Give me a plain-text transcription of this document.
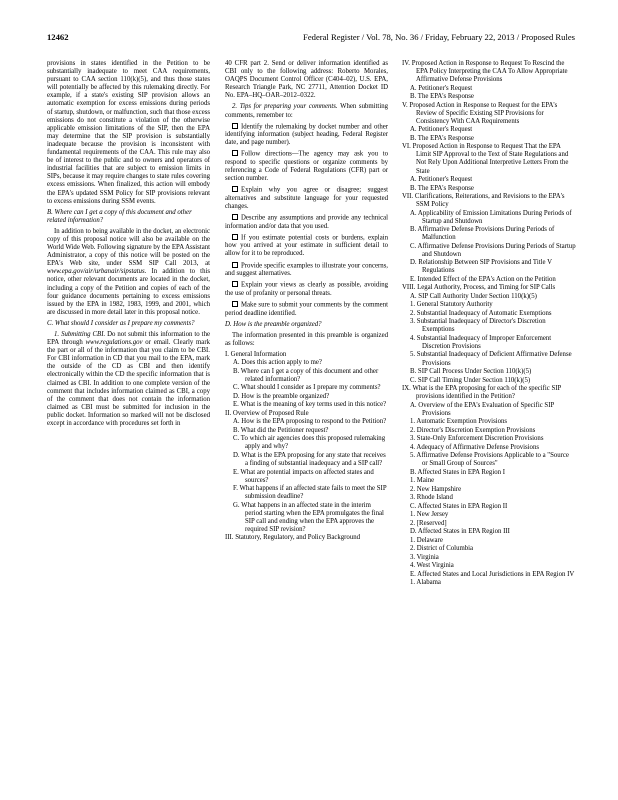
12462	Federal Register / Vol. 78, No. 36 / Friday, February 22, 2013 / Proposed Rules

provisions in states identified in the Petition to be substantially inadequate to meet CAA requirements, pursuant to CAA section 110(k)(5), and thus those states will potentially be affected by this rulemaking directly. For example, if a state's existing SIP provision allows an automatic exemption for excess emissions during periods of startup, shutdown, or malfunction, such that those excess emissions do not constitute a violation of the otherwise applicable emission limitations of the SIP, then the EPA may determine that the SIP provision is substantially inadequate because the provision is inconsistent with fundamental requirements of the CAA. This rule may also be of interest to the public and to owners and operators of industrial facilities that are subject to emission limits in SIPs, because it may require changes to state rules covering excess emissions. When finalized, this action will embody the EPA's updated SSM Policy for SIP provisions relevant to excess emissions during SSM events.

B. Where can I get a copy of this document and other related information?

In addition to being available in the docket, an electronic copy of this proposal notice will also be available on the World Wide Web. Following signature by the EPA Assistant Administrator, a copy of this notice will be posted on the EPA's Web site, under SSM SIP Call 2013, at www.epa.gov/air/urbanair/sipstatus. In addition to this notice, other relevant documents are located in the docket, including a copy of the Petition and copies of each of the four guidance documents pertaining to excess emissions issued by the EPA in 1982, 1983, 1999, and 2001, which are discussed in more detail later in this proposal notice.

C. What should I consider as I prepare my comments?

1. Submitting CBI. Do not submit this information to the EPA through www.regulations.gov or email. Clearly mark the part or all of the information that you claim to be CBI. For CBI information in CD that you mail to the EPA, mark the outside of the CD as CBI and then identify electronically within the CD the specific information that is claimed as CBI. In addition to one complete version of the comment that includes information claimed as CBI, a copy of the comment that does not contain the information claimed as CBI must be submitted for inclusion in the public docket. Information so marked will not be disclosed except in accordance with procedures set forth in

40 CFR part 2. Send or deliver information identified as CBI only to the following address: Roberto Morales, OAQPS Document Control Officer (C404–02), U.S. EPA, Research Triangle Park, NC 27711, Attention Docket ID No. EPA–HQ–OAR–2012–0322.

2. Tips for preparing your comments. When submitting comments, remember to:

Identify the rulemaking by docket number and other identifying information (subject heading, Federal Register date, and page number).

Follow directions—The agency may ask you to respond to specific questions or organize comments by referencing a Code of Federal Regulations (CFR) part or section number.

Explain why you agree or disagree; suggest alternatives and substitute language for your requested changes.

Describe any assumptions and provide any technical information and/or data that you used.

If you estimate potential costs or burdens, explain how you arrived at your estimate in sufficient detail to allow for it to be reproduced.

Provide specific examples to illustrate your concerns, and suggest alternatives.

Explain your views as clearly as possible, avoiding the use of profanity or personal threats.

Make sure to submit your comments by the comment period deadline identified.

D. How is the preamble organized?

The information presented in this preamble is organized as follows:

I. General Information
A. Does this action apply to me?
B. Where can I get a copy of this document and other related information?
C. What should I consider as I prepare my comments?
D. How is the preamble organized?
E. What is the meaning of key terms used in this notice?
II. Overview of Proposed Rule
A. How is the EPA proposing to respond to the Petition?
B. What did the Petitioner request?
C. To which air agencies does this proposed rulemaking apply and why?
D. What is the EPA proposing for any state that receives a finding of substantial inadequacy and a SIP call?
E. What are potential impacts on affected states and sources?
F. What happens if an affected state fails to meet the SIP submission deadline?
G. What happens in an affected state in the interim period starting when the EPA promulgates the final SIP call and ending when the EPA approves the required SIP revision?
III. Statutory, Regulatory, and Policy Background
IV. Proposed Action in Response to Request To Rescind the EPA Policy Interpreting the CAA To Allow Appropriate Affirmative Defense Provisions
A. Petitioner's Request
B. The EPA's Response
V. Proposed Action in Response to Request for the EPA's Review of Specific Existing SIP Provisions for Consistency With CAA Requirements
A. Petitioner's Request
B. The EPA's Response
VI. Proposed Action in Response to Request That the EPA Limit SIP Approval to the Text of State Regulations and Not Rely Upon Additional Interpretive Letters From the State
A. Petitioner's Request
B. The EPA's Response
VII. Clarifications, Reiterations, and Revisions to the EPA's SSM Policy
A. Applicability of Emission Limitations During Periods of Startup and Shutdown
B. Affirmative Defense Provisions During Periods of Malfunction
C. Affirmative Defense Provisions During Periods of Startup and Shutdown
D. Relationship Between SIP Provisions and Title V Regulations
E. Intended Effect of the EPA's Action on the Petition
VIII. Legal Authority, Process, and Timing for SIP Calls
A. SIP Call Authority Under Section 110(k)(5)
1. General Statutory Authority
2. Substantial Inadequacy of Automatic Exemptions
3. Substantial Inadequacy of Director's Discretion Exemptions
4. Substantial Inadequacy of Improper Enforcement Discretion Provisions
5. Substantial Inadequacy of Deficient Affirmative Defense Provisions
B. SIP Call Process Under Section 110(k)(5)
C. SIP Call Timing Under Section 110(k)(5)
IX. What is the EPA proposing for each of the specific SIP provisions identified in the Petition?
A. Overview of the EPA's Evaluation of Specific SIP Provisions
1. Automatic Exemption Provisions
2. Director's Discretion Exemption Provisions
3. State-Only Enforcement Discretion Provisions
4. Adequacy of Affirmative Defense Provisions
5. Affirmative Defense Provisions Applicable to a "Source or Small Group of Sources"
B. Affected States in EPA Region I
1. Maine
2. New Hampshire
3. Rhode Island
C. Affected States in EPA Region II
1. New Jersey
2. [Reserved]
D. Affected States in EPA Region III
1. Delaware
2. District of Columbia
3. Virginia
4. West Virginia
E. Affected States and Local Jurisdictions in EPA Region IV
1. Alabama
